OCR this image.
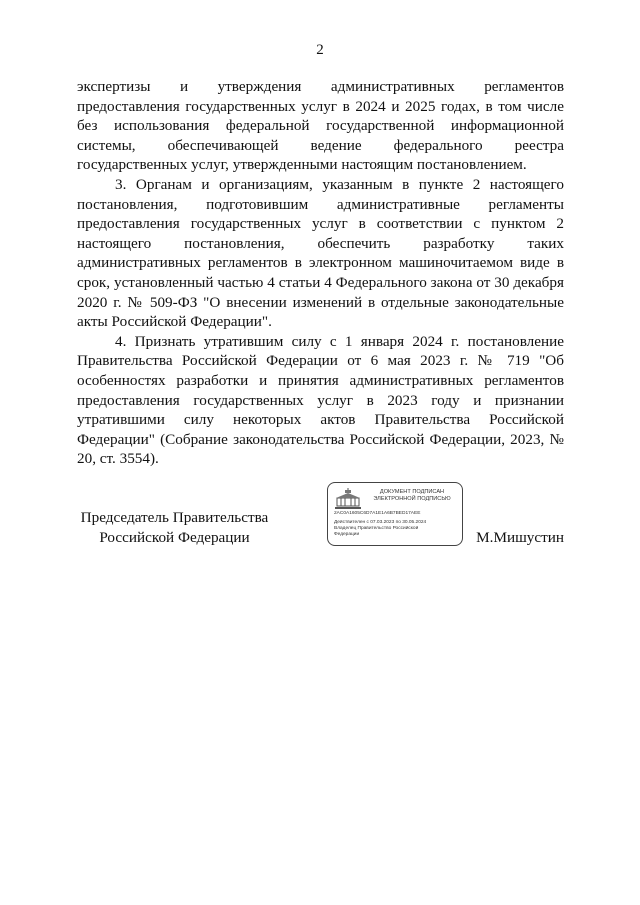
2

экспертизы и утверждения административных регламентов предоставления государственных услуг в 2024 и 2025 годах, в том числе без использования федеральной государственной информационной системы, обеспечивающей ведение федерального реестра государственных услуг, утвержденными настоящим постановлением.

3. Органам и организациям, указанным в пункте 2 настоящего постановления, подготовившим административные регламенты предоставления государственных услуг в соответствии с пунктом 2 настоящего постановления, обеспечить разработку таких административных регламентов в электронном машиночитаемом виде в срок, установленный частью 4 статьи 4 Федерального закона от 30 декабря 2020 г. № 509-ФЗ "О внесении изменений в отдельные законодательные акты Российской Федерации".

4. Признать утратившим силу с 1 января 2024 г. постановление Правительства Российской Федерации от 6 мая 2023 г. № 719 "Об особенностях разработки и принятия административных регламентов предоставления государственных услуг в 2023 году и признании утратившими силу некоторых актов Правительства Российской Федерации" (Собрание законодательства Российской Федерации, 2023, № 20, ст. 3554).

Председатель Правительства
Российской Федерации
ДОКУМЕНТ ПОДПИСАН
ЭЛЕКТРОННОЙ ПОДПИСЬЮ
2AC0A1605C6D7A1E1A6B7BED17AEE
Действителен с 07.03.2023 по 30.05.2024
Владелец Правительство Российской
Федерации	М.Мишустин
